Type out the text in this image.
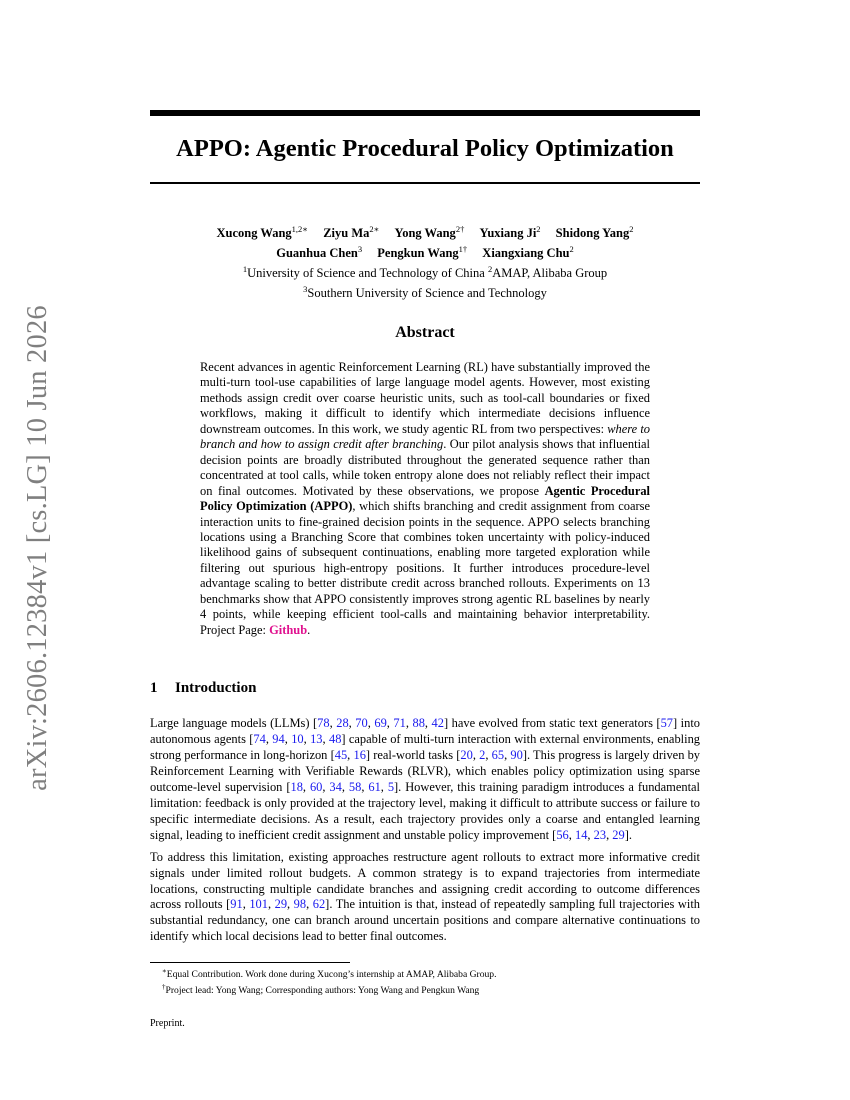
arXiv:2606.12384v1 [cs.LG] 10 Jun 2026
APPO: Agentic Procedural Policy Optimization
Xucong Wang$^{1,2∗}$ Ziyu $Ma^{2∗}$ Yong Wang$^{2\dagger}$ Yuxiang Ji$^2$ Shidong Yang$^2$
Guanhua Chen$^3$ Pengkun Wang$^{1\dagger}$ Xiangxiang Chu$^2$
$^1$University of Science and Technology of China $^2$AMAP, Alibaba Group
$^3$Southern University of Science and Technology
Abstract
Recent advances in agentic Reinforcement Learning (RL) have substantially improved the multi-turn tool-use capabilities of large language model agents. However, most existing methods assign credit over coarse heuristic units, such as tool-call boundaries or fixed workflows, making it difficult to identify which intermediate decisions influence downstream outcomes. In this work, we study agentic RL from two perspectives: where to branch and how to assign credit after branching. Our pilot analysis shows that influential decision points are broadly distributed throughout the generated sequence rather than concentrated at tool calls, while token entropy alone does not reliably reflect their impact on final outcomes. Motivated by these observations, we propose Agentic Procedural Policy Optimization (APPO), which shifts branching and credit assignment from coarse interaction units to fine-grained decision points in the sequence. APPO selects branching locations using a Branching Score that combines token uncertainty with policy-induced likelihood gains of subsequent continuations, enabling more targeted exploration while filtering out spurious high-entropy positions. It further introduces procedure-level advantage scaling to better distribute credit across branched rollouts. Experiments on 13 benchmarks show that APPO consistently improves strong agentic RL baselines by nearly 4 points, while keeping efficient tool-calls and maintaining behavior interpretability. Project Page: Github.
1 Introduction

Large language models (LLMs) [78, 28, 70, 69, 71, 88, 42] have evolved from static text generators [57] into autonomous agents [74, 94, 10, 13, 48] capable of multi-turn interaction with external environments, enabling strong performance in long-horizon [45, 16] real-world tasks [20, 2, 65, 90]. This progress is largely driven by Reinforcement Learning with Verifiable Rewards (RLVR), which enables policy optimization using sparse outcome-level supervision [18, 60, 34, 58, 61, 5]. However, this training paradigm introduces a fundamental limitation: feedback is only provided at the trajectory level, making it difficult to attribute success or failure to specific intermediate decisions. As a result, each trajectory provides only a coarse and entangled learning signal, leading to inefficient credit assignment and unstable policy improvement [56, 14, 23, 29].

To address this limitation, existing approaches restructure agent rollouts to extract more informative credit signals under limited rollout budgets. A common strategy is to expand trajectories from intermediate locations, constructing multiple candidate branches and assigning credit according to outcome differences across rollouts [91, 101, 29, 98, 62]. The intuition is that, instead of repeatedly sampling full trajectories with substantial redundancy, one can branch around uncertain positions and compare alternative continuations to identify which local decisions lead to better final outcomes.

∗Equal Contribution. Work done during Xucong’s internship at AMAP, Alibaba Group.
†Project lead: Yong Wang; Corresponding authors: Yong Wang and Pengkun Wang
Preprint.
